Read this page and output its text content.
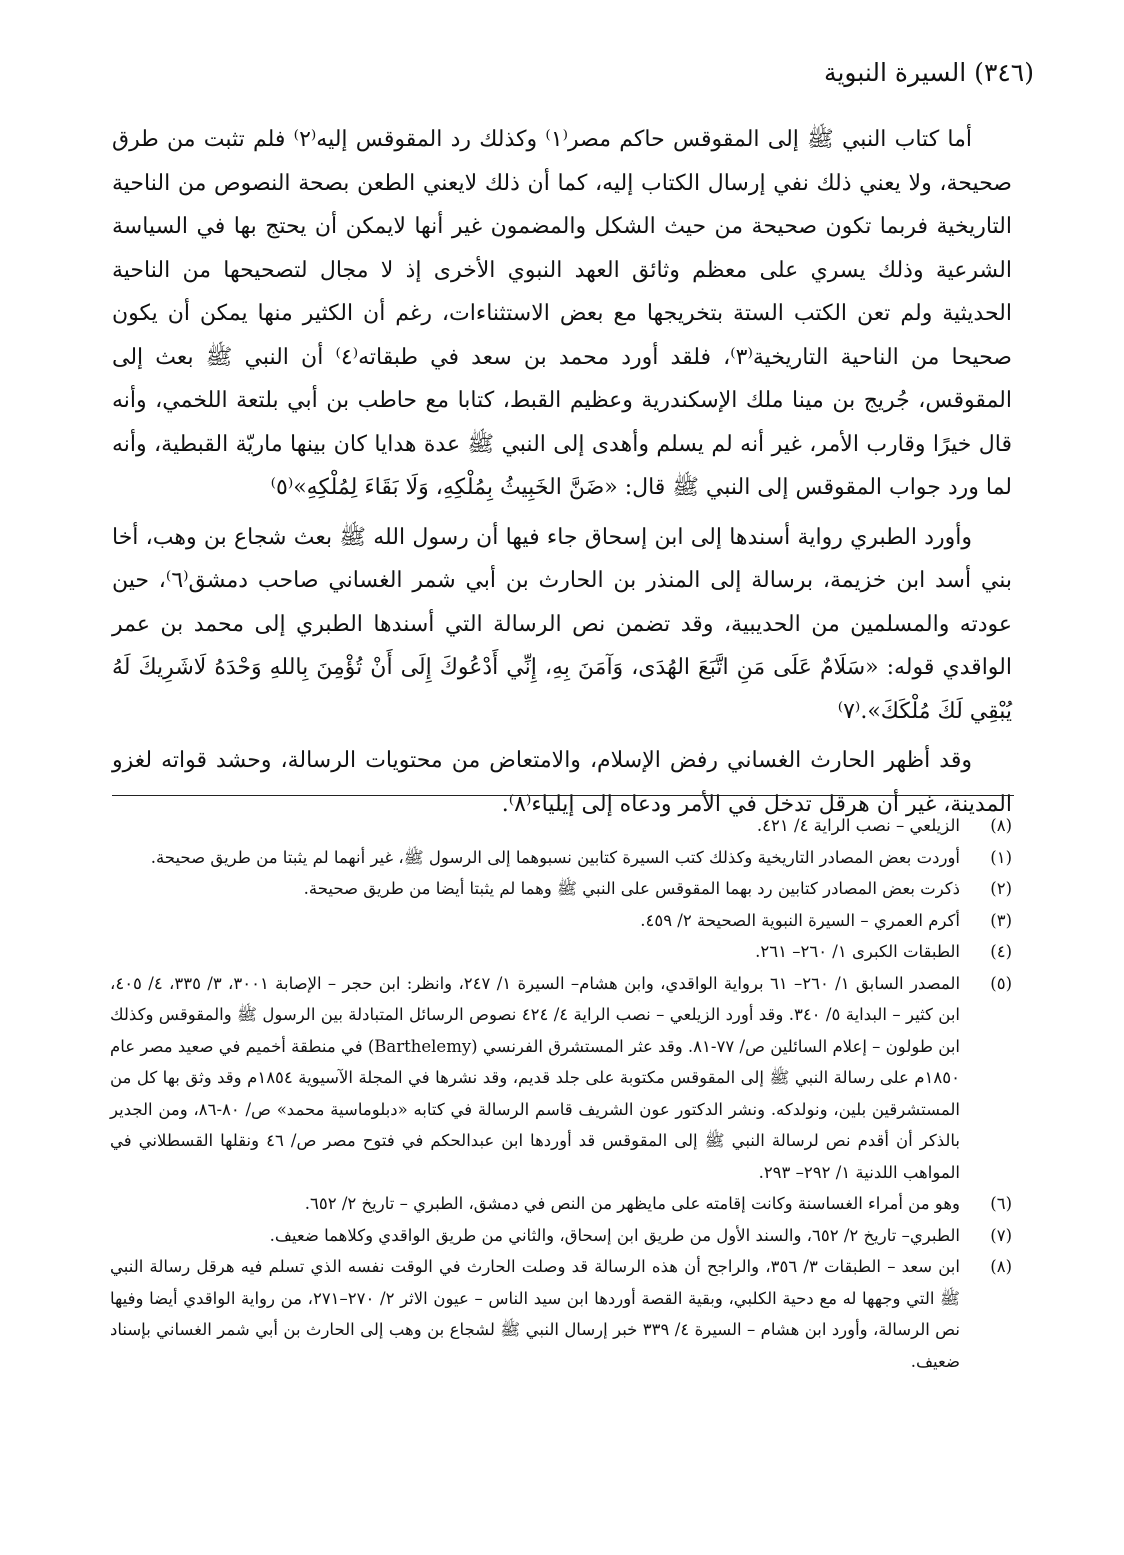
(٣٤٦) السيرة النبوية

أما كتاب النبي ﷺ إلى المقوقس حاكم مصر⁽١⁾ وكذلك رد المقوقس إليه⁽٢⁾ فلم تثبت من طرق صحيحة، ولا يعني ذلك نفي إرسال الكتاب إليه، كما أن ذلك لايعني الطعن بصحة النصوص من الناحية التاريخية فربما تكون صحيحة من حيث الشكل والمضمون غير أنها لايمكن أن يحتج بها في السياسة الشرعية وذلك يسري على معظم وثائق العهد النبوي الأخرى إذ لا مجال لتصحيحها من الناحية الحديثية ولم تعن الكتب الستة بتخريجها مع بعض الاستثناءات، رغم أن الكثير منها يمكن أن يكون صحيحا من الناحية التاريخية⁽٣⁾، فلقد أورد محمد بن سعد في طبقاته⁽٤⁾ أن النبي ﷺ بعث إلى المقوقس، جُريج بن مينا ملك الإسكندرية وعظيم القبط، كتابا مع حاطب بن أبي بلتعة اللخمي، وأنه قال خيرًا وقارب الأمر، غير أنه لم يسلم وأهدى إلى النبي ﷺ عدة هدايا كان بينها ماريّة القبطية، وأنه لما ورد جواب المقوقس إلى النبي ﷺ قال: «ضَنَّ الخَبِيثُ بِمُلْكِهِ، وَلَا بَقَاءَ لِمُلْكِهِ»⁽٥⁾

وأورد الطبري رواية أسندها إلى ابن إسحاق جاء فيها أن رسول الله ﷺ بعث شجاع بن وهب، أخا بني أسد ابن خزيمة، برسالة إلى المنذر بن الحارث بن أبي شمر الغساني صاحب دمشق⁽٦⁾، حين عودته والمسلمين من الحديبية، وقد تضمن نص الرسالة التي أسندها الطبري إلى محمد بن عمر الواقدي قوله: «سَلَامٌ عَلَى مَنِ اتَّبَعَ الهُدَى، وَآمَنَ بِهِ، إِنِّي أَدْعُوكَ إِلَى أَنْ تُؤْمِنَ بِاللهِ وَحْدَهُ لَاشَرِيكَ لَهُ يُبْقِي لَكَ مُلْكَكَ».⁽٧⁾

وقد أظهر الحارث الغساني رفض الإسلام، والامتعاض من محتويات الرسالة، وحشد قواته لغزو المدينة، غير أن هرقل تدخل في الأمر ودعاه إلى إيلياء⁽٨⁾.

(٨)
الزيلعي – نصب الراية ٤/ ٤٢١.
(١)
أوردت بعض المصادر التاريخية وكذلك كتب السيرة كتابين نسبوهما إلى الرسول ﷺ، غير أنهما لم يثبتا من طريق صحيحة.
(٢)
ذكرت بعض المصادر كتابين رد بهما المقوقس على النبي ﷺ وهما لم يثبتا أيضا من طريق صحيحة.
(٣)
أكرم العمري – السيرة النبوية الصحيحة ٢/ ٤٥٩.
(٤)
الطبقات الكبرى ١/ ٢٦٠– ٢٦١.
(٥)
المصدر السابق ١/ ٢٦٠– ٦١ برواية الواقدي، وابن هشام– السيرة ١/ ٢٤٧، وانظر: ابن حجر – الإصابة ٣٠٠١، ٣/ ٣٣٥، ٤/ ٤٠٥، ابن كثير – البداية ٥/ ٣٤٠. وقد أورد الزيلعي – نصب الراية ٤/ ٤٢٤ نصوص الرسائل المتبادلة بين الرسول ﷺ والمقوقس وكذلك ابن طولون – إعلام السائلين ص/ ٧٧-٨١. وقد عثر المستشرق الفرنسي (Barthelemy) في منطقة أخميم في صعيد مصر عام ١٨٥٠م على رسالة النبي ﷺ إلى المقوقس مكتوبة على جلد قديم، وقد نشرها في المجلة الآسيوية ١٨٥٤م وقد وثق بها كل من المستشرقين بلين، ونولدكه. ونشر الدكتور عون الشريف قاسم الرسالة في كتابه «دبلوماسية محمد» ص/ ٨٠-٨٦، ومن الجدير بالذكر أن أقدم نص لرسالة النبي ﷺ إلى المقوقس قد أوردها ابن عبدالحكم في فتوح مصر ص/ ٤٦ ونقلها القسطلاني في المواهب اللدنية ١/ ٢٩٢– ٢٩٣.
(٦)
وهو من أمراء الغساسنة وكانت إقامته على مايظهر من النص في دمشق، الطبري – تاريخ ٢/ ٦٥٢.
(٧)
الطبري– تاريخ ٢/ ٦٥٢، والسند الأول من طريق ابن إسحاق، والثاني من طريق الواقدي وكلاهما ضعيف.
(٨)
ابن سعد – الطبقات ٣/ ٣٥٦، والراجح أن هذه الرسالة قد وصلت الحارث في الوقت نفسه الذي تسلم فيه هرقل رسالة النبي ﷺ التي وجهها له مع دحية الكلبي، وبقية القصة أوردها ابن سيد الناس – عيون الاثر ٢/ ٢٧٠–٢٧١، من رواية الواقدي أيضا وفيها نص الرسالة، وأورد ابن هشام – السيرة ٤/ ٣٣٩ خبر إرسال النبي ﷺ لشجاع بن وهب إلى الحارث بن أبي شمر الغساني بإسناد ضعيف.
